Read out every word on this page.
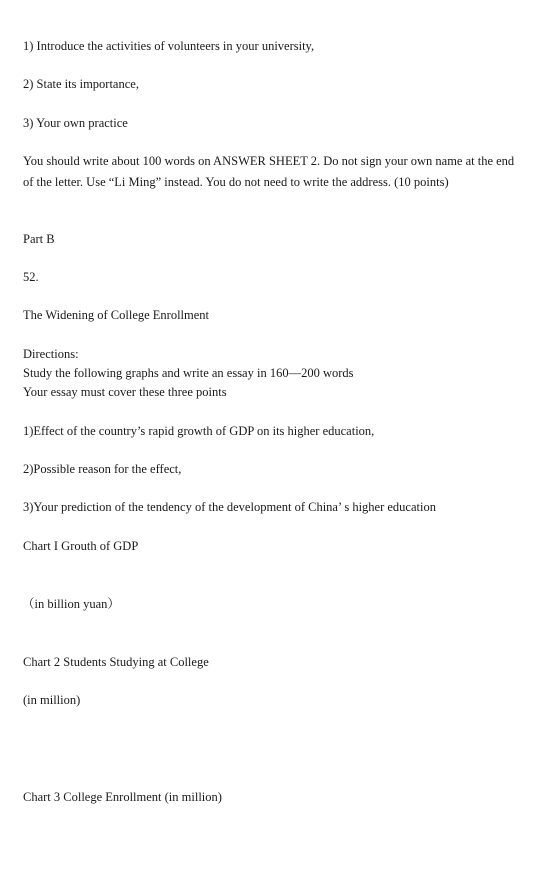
1) Introduce the activities of volunteers in your university,
2) State its importance,
3) Your own practice
You should write about 100 words on ANSWER SHEET 2. Do not sign your own name at the end
of the letter. Use “Li Ming” instead. You do not need to write the address. (10 points)
Part B
52.
The Widening of College Enrollment
Directions:
Study the following graphs and write an essay in 160—200 words
Your essay must cover these three points
1)Effect of the country’s rapid growth of GDP on its higher education,
2)Possible reason for the effect,
3)Your prediction of the tendency of the development of China’ s higher education
Chart I Grouth of GDP
（in billion yuan）
Chart 2 Students Studying at College
(in million)
Chart 3 College Enrollment (in million)
